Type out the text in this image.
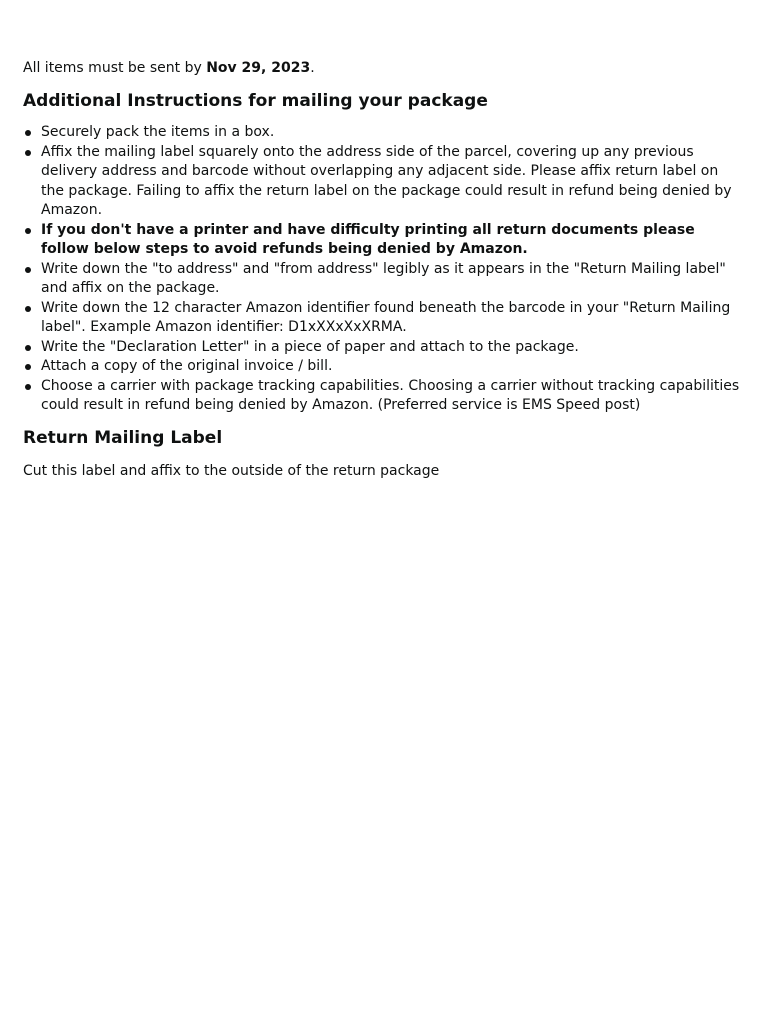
All items must be sent by Nov 29, 2023.

Additional Instructions for mailing your package
Securely pack the items in a box.
Affix the mailing label squarely onto the address side of the parcel, covering up any previous delivery address and barcode without overlapping any adjacent side. Please affix return label on the package. Failing to affix the return label on the package could result in refund being denied by Amazon.
If you don't have a printer and have difficulty printing all return documents please follow below steps to avoid refunds being denied by Amazon.
Write down the "to address" and "from address" legibly as it appears in the "Return Mailing label" and affix on the package.
Write down the 12 character Amazon identifier found beneath the barcode in your "Return Mailing label". Example Amazon identifier: D1xXXxXxXRMA.
Write the "Declaration Letter" in a piece of paper and attach to the package.
Attach a copy of the original invoice / bill.
Choose a carrier with package tracking capabilities. Choosing a carrier without tracking capabilities could result in refund being denied by Amazon. (Preferred service is EMS Speed post)
Return Mailing Label

Cut this label and affix to the outside of the return package
